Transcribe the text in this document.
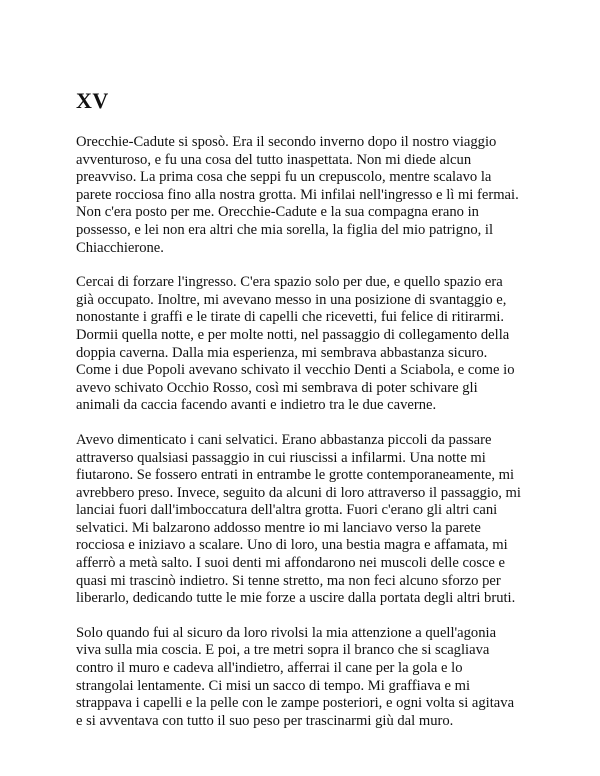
XV
Orecchie-Cadute si sposò. Era il secondo inverno dopo il nostro viaggio
avventuroso, e fu una cosa del tutto inaspettata. Non mi diede alcun
preavviso. La prima cosa che seppi fu un crepuscolo, mentre scalavo la
parete rocciosa fino alla nostra grotta. Mi infilai nell'ingresso e lì mi fermai.
Non c'era posto per me. Orecchie-Cadute e la sua compagna erano in
possesso, e lei non era altri che mia sorella, la figlia del mio patrigno, il
Chiacchierone.
Cercai di forzare l'ingresso. C'era spazio solo per due, e quello spazio era
già occupato. Inoltre, mi avevano messo in una posizione di svantaggio e,
nonostante i graffi e le tirate di capelli che ricevetti, fui felice di ritirarmi.
Dormii quella notte, e per molte notti, nel passaggio di collegamento della
doppia caverna. Dalla mia esperienza, mi sembrava abbastanza sicuro.
Come i due Popoli avevano schivato il vecchio Denti a Sciabola, e come io
avevo schivato Occhio Rosso, così mi sembrava di poter schivare gli
animali da caccia facendo avanti e indietro tra le due caverne.
Avevo dimenticato i cani selvatici. Erano abbastanza piccoli da passare
attraverso qualsiasi passaggio in cui riuscissi a infilarmi. Una notte mi
fiutarono. Se fossero entrati in entrambe le grotte contemporaneamente, mi
avrebbero preso. Invece, seguito da alcuni di loro attraverso il passaggio, mi
lanciai fuori dall'imboccatura dell'altra grotta. Fuori c'erano gli altri cani
selvatici. Mi balzarono addosso mentre io mi lanciavo verso la parete
rocciosa e iniziavo a scalare. Uno di loro, una bestia magra e affamata, mi
afferrò a metà salto. I suoi denti mi affondarono nei muscoli delle cosce e
quasi mi trascinò indietro. Si tenne stretto, ma non feci alcuno sforzo per
liberarlo, dedicando tutte le mie forze a uscire dalla portata degli altri bruti.
Solo quando fui al sicuro da loro rivolsi la mia attenzione a quell'agonia
viva sulla mia coscia. E poi, a tre metri sopra il branco che si scagliava
contro il muro e cadeva all'indietro, afferrai il cane per la gola e lo
strangolai lentamente. Ci misi un sacco di tempo. Mi graffiava e mi
strappava i capelli e la pelle con le zampe posteriori, e ogni volta si agitava
e si avventava con tutto il suo peso per trascinarmi giù dal muro.
